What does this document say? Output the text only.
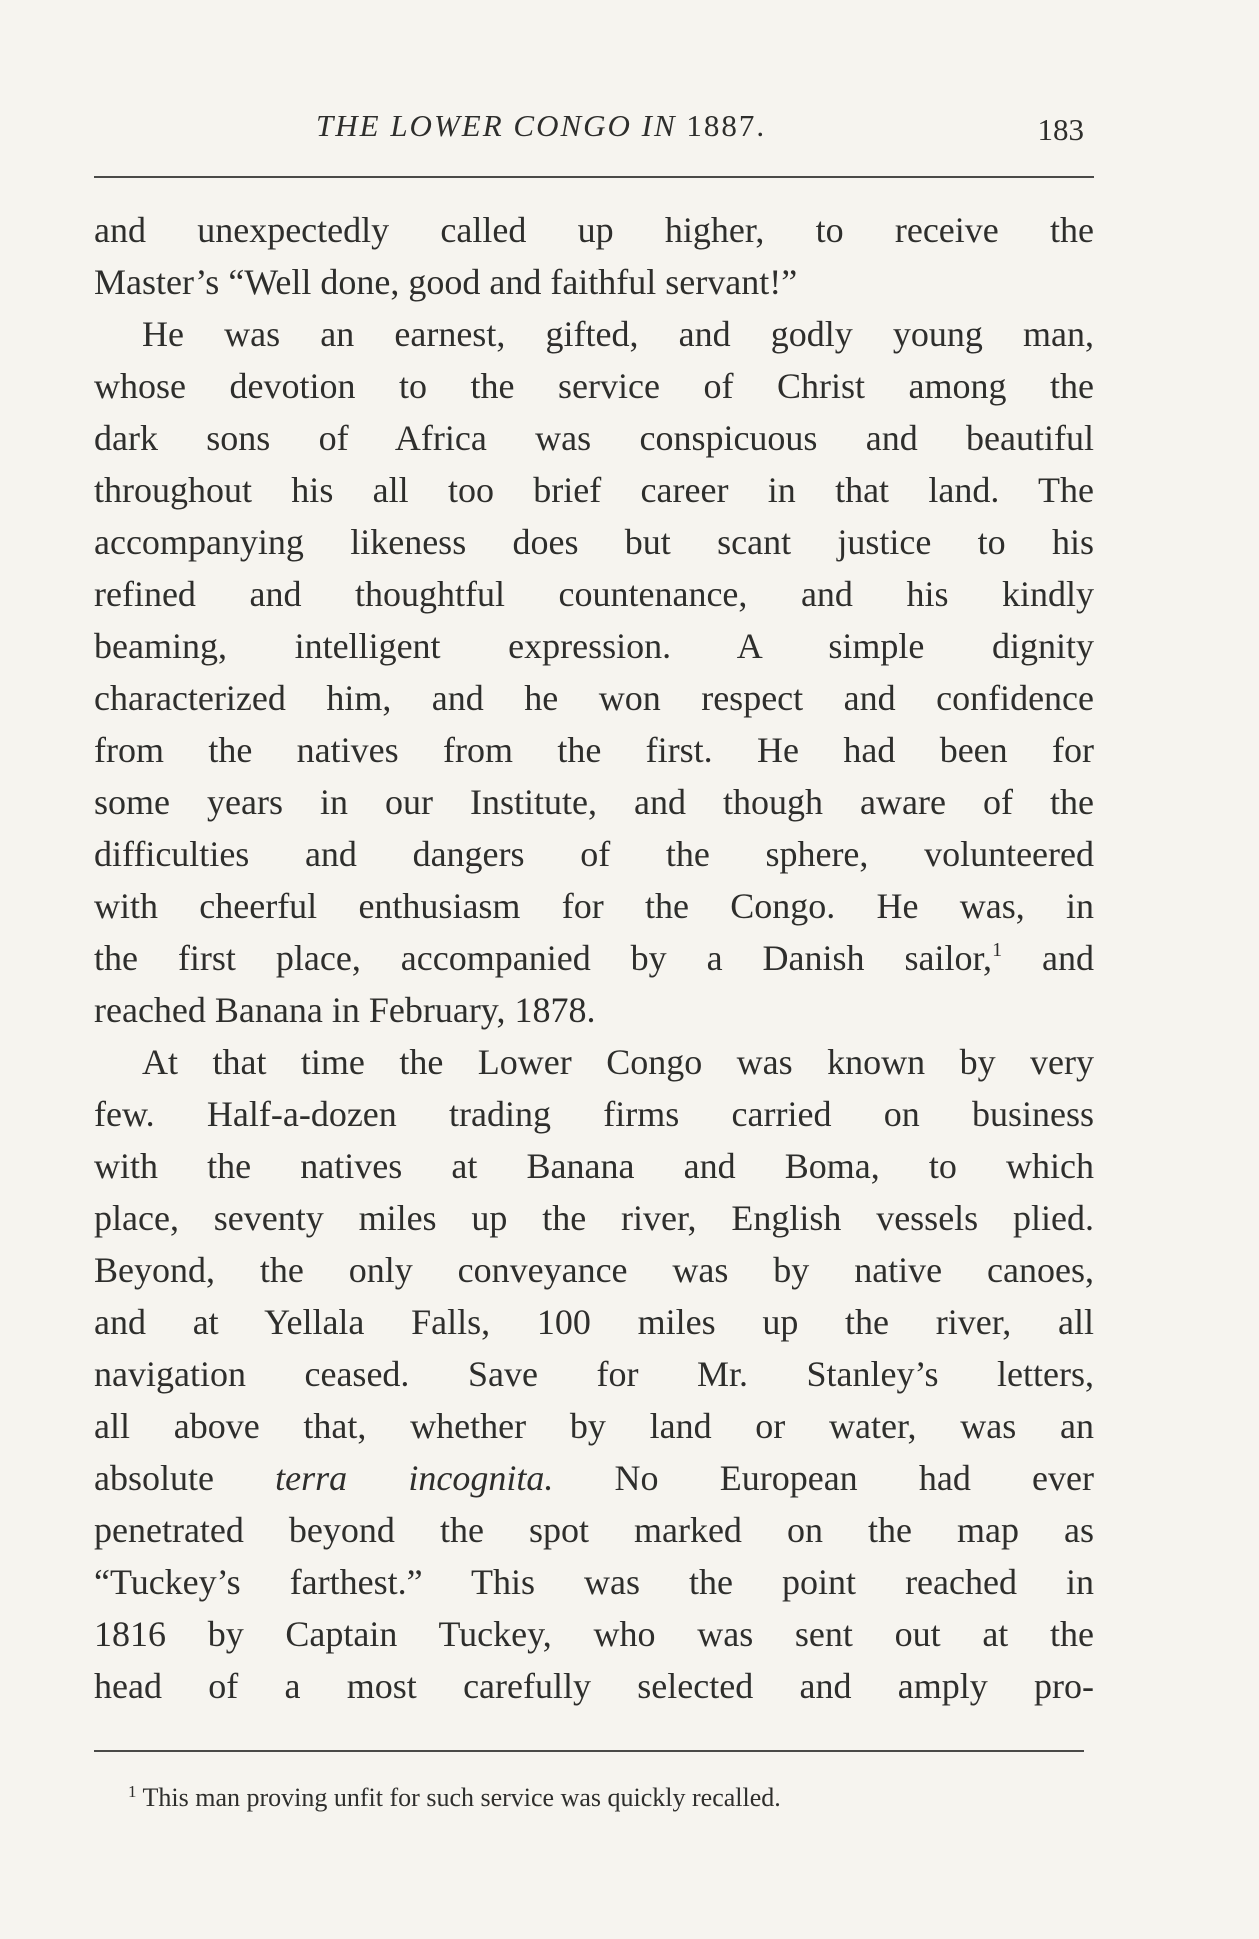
THE LOWER CONGO IN 1887.	183
and unexpectedly called up higher, to receive the
Master’s “Well done, good and faithful servant!”
He was an earnest, gifted, and godly young man,
whose devotion to the service of Christ among the
dark sons of Africa was conspicuous and beautiful
throughout his all too brief career in that land. The
accompanying likeness does but scant justice to his
refined and thoughtful countenance, and his kindly
beaming, intelligent expression. A simple dignity
characterized him, and he won respect and confidence
from the natives from the first. He had been for
some years in our Institute, and though aware of the
difficulties and dangers of the sphere, volunteered
with cheerful enthusiasm for the Congo. He was, in
the first place, accompanied by a Danish sailor,$^1$ and
reached Banana in February, 1878.
At that time the Lower Congo was known by very
few. Half-a-dozen trading firms carried on business
with the natives at Banana and Boma, to which
place, seventy miles up the river, English vessels plied.
Beyond, the only conveyance was by native canoes,
and at Yellala Falls, 100 miles up the river, all
navigation ceased. Save for Mr. Stanley’s letters,
all above that, whether by land or water, was an
absolute terra incognita. No European had ever
penetrated beyond the spot marked on the map as
“Tuckey’s farthest.” This was the point reached in
1816 by Captain Tuckey, who was sent out at the
head of a most carefully selected and amply pro-
$^1$ This man proving unfit for such service was quickly recalled.
